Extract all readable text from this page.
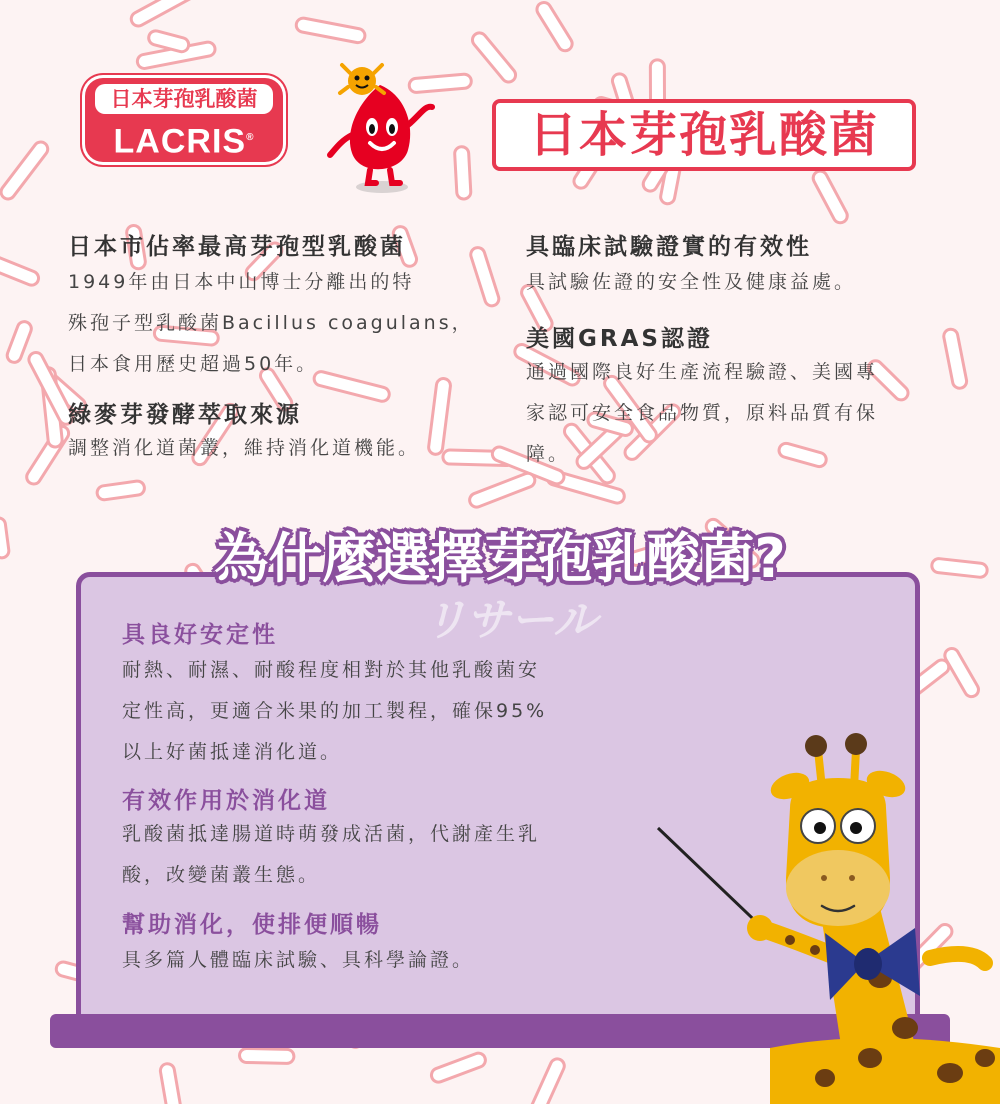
日本芽孢乳酸菌
LACRIS®	日本芽孢乳酸菌
日本市佔率最高芽孢型乳酸菌
1949年由日本中山博士分離出的特
殊孢子型乳酸菌Bacillus coagulans，
日本食用歷史超過50年。
綠麥芽發酵萃取來源
調整消化道菌叢，維持消化道機能。
具臨床試驗證實的有效性
具試驗佐證的安全性及健康益處。
美國GRAS認證
通過國際良好生產流程驗證、美國專
家認可安全食品物質，原料品質有保
障。
為什麼選擇芽孢乳酸菌?
リサール
具良好安定性
耐熱、耐濕、耐酸程度相對於其他乳酸菌安
定性高，更適合米果的加工製程，確保95%
以上好菌抵達消化道。
有效作用於消化道
乳酸菌抵達腸道時萌發成活菌，代謝產生乳
酸，改變菌叢生態。
幫助消化，使排便順暢
具多篇人體臨床試驗、具科學論證。
